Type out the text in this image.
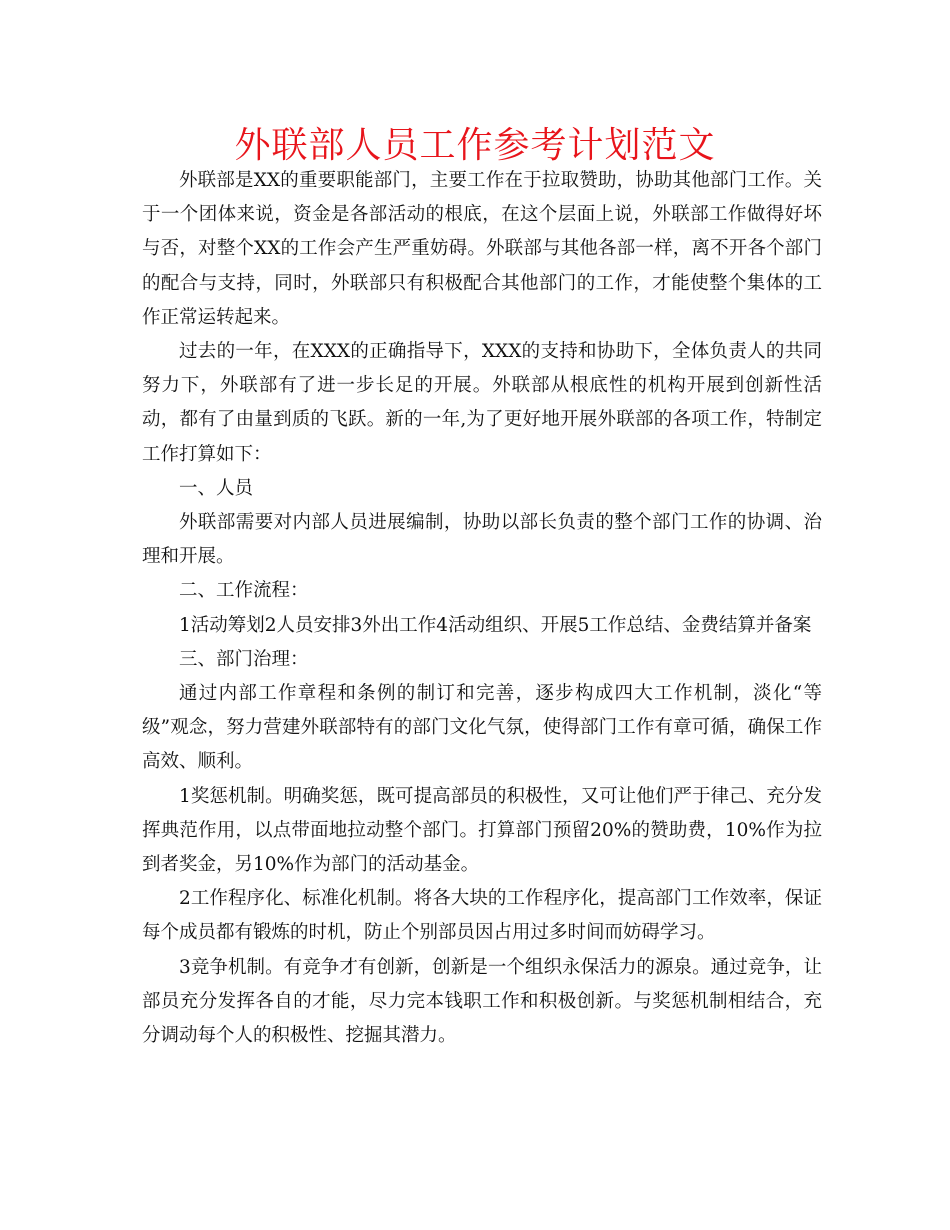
外联部人员工作参考计划范文

外联部是XX的重要职能部门，主要工作在于拉取赞助，协助其他部门工作。关于一个团体来说，资金是各部活动的根底，在这个层面上说，外联部工作做得好坏与否，对整个XX的工作会产生严重妨碍。外联部与其他各部一样，离不开各个部门的配合与支持，同时，外联部只有积极配合其他部门的工作，才能使整个集体的工作正常运转起来。

过去的一年，在XXX的正确指导下，XXX的支持和协助下，全体负责人的共同努力下，外联部有了进一步长足的开展。外联部从根底性的机构开展到创新性活动，都有了由量到质的飞跃。新的一年,为了更好地开展外联部的各项工作，特制定工作打算如下：

一、人员

外联部需要对内部人员进展编制，协助以部长负责的整个部门工作的协调、治理和开展。

二、工作流程：

1活动筹划2人员安排3外出工作4活动组织、开展5工作总结、金费结算并备案

三、部门治理：

通过内部工作章程和条例的制订和完善，逐步构成四大工作机制，淡化“等级”观念，努力营建外联部特有的部门文化气氛，使得部门工作有章可循，确保工作高效、顺利。

1奖惩机制。明确奖惩，既可提高部员的积极性，又可让他们严于律己、充分发挥典范作用，以点带面地拉动整个部门。打算部门预留20%的赞助费，10%作为拉到者奖金，另10%作为部门的活动基金。

2工作程序化、标准化机制。将各大块的工作程序化，提高部门工作效率，保证每个成员都有锻炼的时机，防止个别部员因占用过多时间而妨碍学习。

3竞争机制。有竞争才有创新，创新是一个组织永保活力的源泉。通过竞争，让部员充分发挥各自的才能，尽力完本钱职工作和积极创新。与奖惩机制相结合，充分调动每个人的积极性、挖掘其潜力。
